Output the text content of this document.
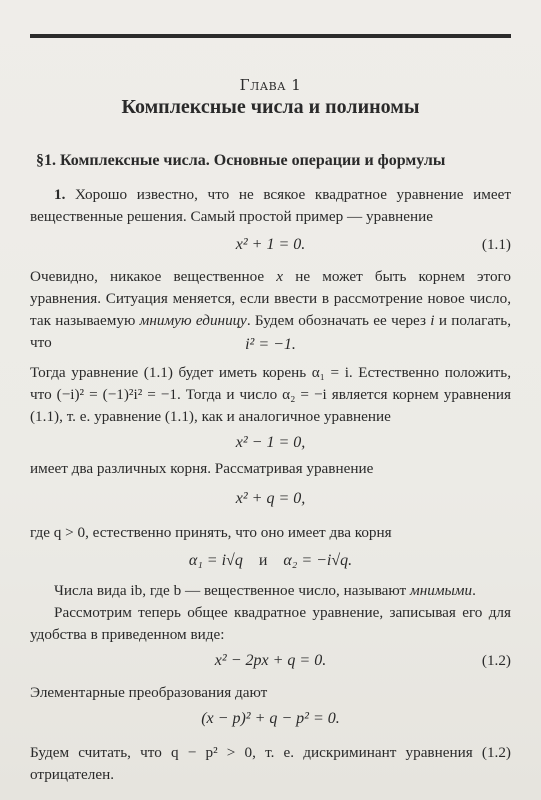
Глава 1
Комплексные числа и полиномы
§1. Комплексные числа. Основные операции и формулы
1. Хорошо известно, что не всякое квадратное уравнение имеет вещественные решения. Самый простой пример — уравнение
x² + 1 = 0.	(1.1)
Очевидно, никакое вещественное x не может быть корнем этого уравнения. Ситуация меняется, если ввести в рассмотрение новое число, так называемую мнимую единицу. Будем обозначать ее через i и полагать, что	i² = −1.
Тогда уравнение (1.1) будет иметь корень α₁ = i. Естественно положить, что (−i)² = (−1)²i² = −1. Тогда и число α₂ = −i является корнем уравнения (1.1), т. е. уравнение (1.1), как и аналогичное уравнение
x² − 1 = 0,
имеет два различных корня. Рассматривая уравнение
x² + q = 0,
где q > 0, естественно принять, что оно имеет два корня
α₁ = i√q и α₂ = −i√q.
Числа вида ib, где b — вещественное число, называют мнимыми.
Рассмотрим теперь общее квадратное уравнение, записывая его для удобства в приведенном виде:
x² − 2px + q = 0.	(1.2)
Элементарные преобразования дают
(x − p)² + q − p² = 0.
Будем считать, что q − p² > 0, т. е. дискриминант уравнения (1.2) отрицателен.
